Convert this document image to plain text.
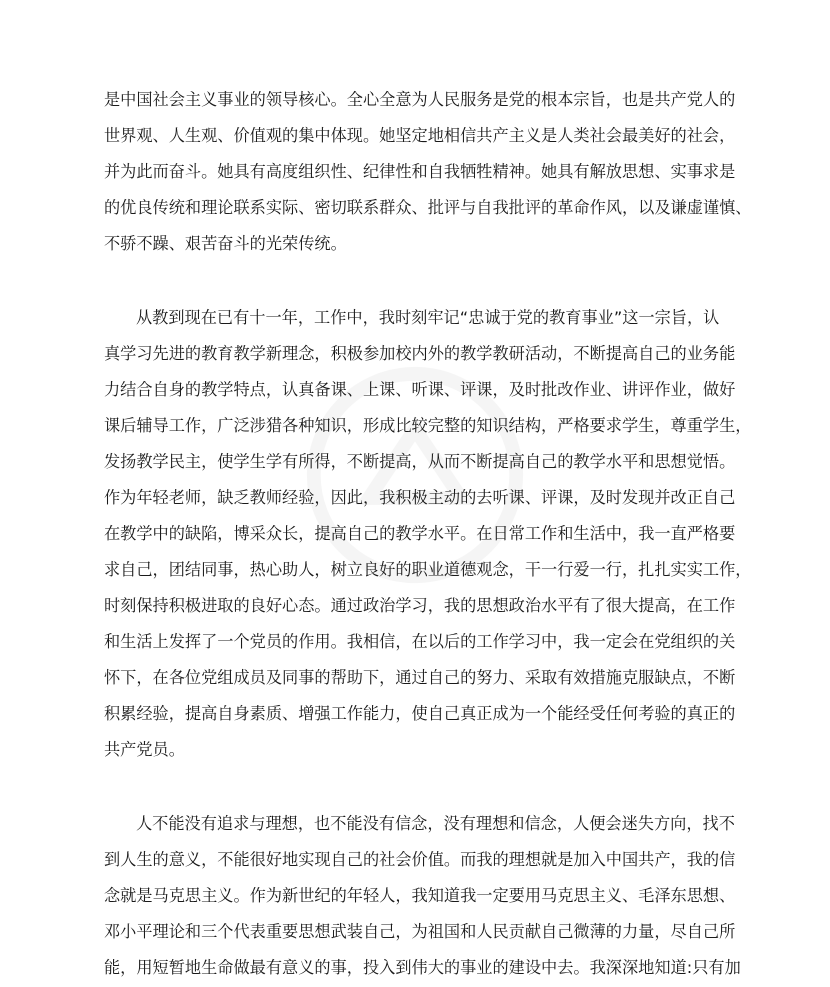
是中国社会主义事业的领导核心。全心全意为人民服务是党的根本宗旨，也是共产党人的
世界观、人生观、价值观的集中体现。她坚定地相信共产主义是人类社会最美好的社会，
并为此而奋斗。她具有高度组织性、纪律性和自我牺牲精神。她具有解放思想、实事求是
的优良传统和理论联系实际、密切联系群众、批评与自我批评的革命作风，以及谦虚谨慎、
不骄不躁、艰苦奋斗的光荣传统。
从教到现在已有十一年，工作中，我时刻牢记“忠诚于党的教育事业”这一宗旨，认
真学习先进的教育教学新理念，积极参加校内外的教学教研活动，不断提高自己的业务能
力结合自身的教学特点，认真备课、上课、听课、评课，及时批改作业、讲评作业，做好
课后辅导工作，广泛涉猎各种知识，形成比较完整的知识结构，严格要求学生，尊重学生，
发扬教学民主，使学生学有所得，不断提高，从而不断提高自己的教学水平和思想觉悟。
作为年轻老师，缺乏教师经验，因此，我积极主动的去听课、评课，及时发现并改正自己
在教学中的缺陷，博采众长，提高自己的教学水平。在日常工作和生活中，我一直严格要
求自己，团结同事，热心助人，树立良好的职业道德观念，干一行爱一行，扎扎实实工作，
时刻保持积极进取的良好心态。通过政治学习，我的思想政治水平有了很大提高，在工作
和生活上发挥了一个党员的作用。我相信，在以后的工作学习中，我一定会在党组织的关
怀下，在各位党组成员及同事的帮助下，通过自己的努力、采取有效措施克服缺点，不断
积累经验，提高自身素质、增强工作能力，使自己真正成为一个能经受任何考验的真正的
共产党员。
人不能没有追求与理想，也不能没有信念，没有理想和信念，人便会迷失方向，找不
到人生的意义，不能很好地实现自己的社会价值。而我的理想就是加入中国共产，我的信
念就是马克思主义。作为新世纪的年轻人，我知道我一定要用马克思主义、毛泽东思想、
邓小平理论和三个代表重要思想武装自己，为祖国和人民贡献自己微薄的力量，尽自己所
能，用短暂地生命做最有意义的事，投入到伟大的事业的建设中去。我深深地知道:只有加
